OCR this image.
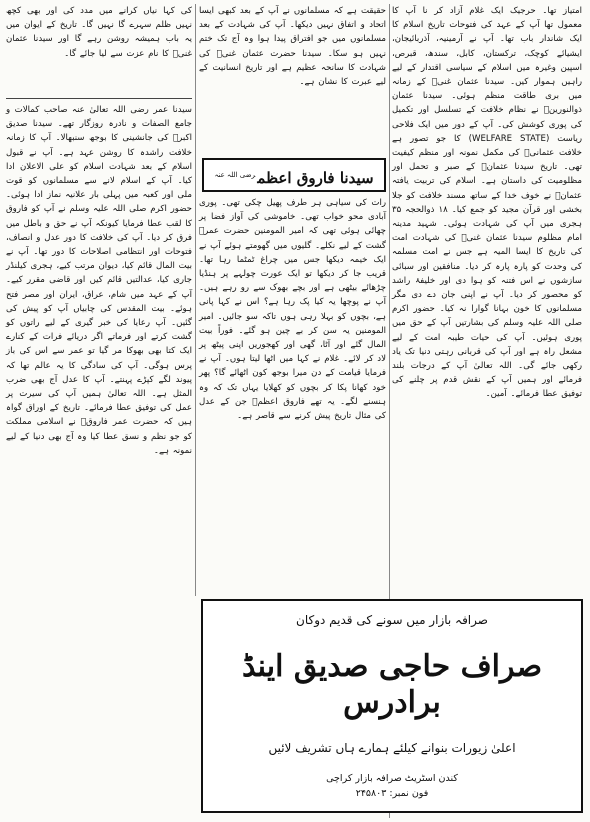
امتیاز تھا۔ حرجیک ایک غلام آزاد کر نا آپ کا معمول تھا آپ کے عہد کی فتوحات تاریخ اسلام کا ایک شاندار باب تھا۔ آپ نے آرمینیہ، آذربائیجان، ایشیائے کوچک، ترکستان، کابل، سندھ، قبرص، اسپین وغیرہ میں اسلام کے سیاسی اقتدار کے لیے راہیں ہموار کیں۔ سیدنا عثمان غنیؓ کے زمانہ میں بری طاقت منظم ہوئی۔ سیدنا عثمان ذوالنورینؓ نے نظام خلافت کے تسلسل اور تکمیل کی پوری کوشش کی۔ آپ کے دور میں ایک فلاحی ریاست (WELFARE STATE) کا جو تصور ہے خلافت عثمانیؓ کی مکمل نمونہ اور منظم کیفیت تھی۔ تاریخ سیدنا عثمانؓ کے صبر و تحمل اور مظلومیت کی داستان ہے۔ اسلام کی تربیت یافتہ عثمانؓ نے خوف خدا کے ساتھ مسند خلافت کو جلا بخشی اور قرآن مجید کو جمع کیا۔ ۱۸ ذوالحجہ ۳۵ ہجری میں آپ کی شہادت ہوئی۔ شہید مدینہ امام مظلوم سیدنا عثمان غنیؓ کی شہادت امت کی تاریخ کا ایسا المیہ ہے جس نے امت مسلمہ کی وحدت کو پارہ پارہ کر دیا۔ منافقین اور سبائی سازشوں نے اس فتنہ کو ہوا دی اور خلیفۂ راشد کو محصور کر دیا۔ آپ نے اپنی جان دے دی مگر مسلمانوں کا خون بہانا گوارا نہ کیا۔ حضور اکرم صلی اللہ علیہ وسلم کی بشارتیں آپ کے حق میں پوری ہوئیں۔ آپ کی حیات طیبہ امت کے لیے مشعل راہ ہے اور آپ کی قربانی رہتی دنیا تک یاد رکھی جائے گی۔ اللہ تعالیٰ آپ کے درجات بلند فرمائے اور ہمیں آپ کے نقش قدم پر چلنے کی توفیق عطا فرمائے۔ آمین۔

حقیقت ہے کہ مسلمانوں نے آپ کے بعد کبھی ایسا اتحاد و اتفاق نہیں دیکھا۔ آپ کی شہادت کے بعد مسلمانوں میں جو افتراق پیدا ہوا وہ آج تک ختم نہیں ہو سکا۔ سیدنا حضرت عثمان غنیؓ کی شہادت کا سانحہ عظیم ہے اور تاریخ انسانیت کے لیے عبرت کا نشان ہے۔

سیدنا فاروق اعظم$^{رضی اللہ عنہ}$

رات کی سیاہی ہر طرف پھیل چکی تھی۔ پوری آبادی محو خواب تھی۔ خاموشی کی آواز فضا پر چھائی ہوئی تھی کہ امیر المومنین حضرت عمرؓ گشت کے لیے نکلے۔ گلیوں میں گھومتے ہوئے آپ نے ایک خیمہ دیکھا جس میں چراغ ٹمٹما رہا تھا۔ قریب جا کر دیکھا تو ایک عورت چولہے پر ہنڈیا چڑھائے بیٹھی ہے اور بچے بھوک سے رو رہے ہیں۔ آپ نے پوچھا یہ کیا پک رہا ہے؟ اس نے کہا پانی ہے، بچوں کو بہلا رہی ہوں تاکہ سو جائیں۔ امیر المومنین یہ سن کر بے چین ہو گئے۔ فوراً بیت المال گئے اور آٹا، گھی اور کھجوریں اپنی پیٹھ پر لاد کر لائے۔ غلام نے کہا میں اٹھا لیتا ہوں۔ آپ نے فرمایا قیامت کے دن میرا بوجھ کون اٹھائے گا؟ پھر خود کھانا پکا کر بچوں کو کھلایا یہاں تک کہ وہ ہنسنے لگے۔ یہ تھے فاروق اعظمؓ جن کے عدل کی مثال تاریخ پیش کرنے سے قاصر ہے۔

کی کہا نیاں کرانے میں مدد کی اور بھی کچھ نہیں ظلم سہرے گا نہیں گا۔ تاریخ کے ایوان میں یہ باب ہمیشہ روشن رہے گا اور سیدنا عثمان غنیؓ کا نام عزت سے لیا جائے گا۔

سیدنا عمر رضی اللہ تعالیٰ عنہ صاحب کمالات و جامع الصفات و نادرہ روزگار تھے۔ سیدنا صدیق اکبرؓ کی جانشینی کا بوجھ سنبھالا۔ آپ کا زمانہ خلافت راشدہ کا روشن عہد ہے۔ آپ نے قبول اسلام کے بعد شہادت اسلام کو علی الاعلان ادا کیا۔ آپ کے اسلام لانے سے مسلمانوں کو قوت ملی اور کعبہ میں پہلی بار علانیہ نماز ادا ہوئی۔ حضور اکرم صلی اللہ علیہ وسلم نے آپ کو فاروق کا لقب عطا فرمایا کیونکہ آپ نے حق و باطل میں فرق کر دیا۔ آپ کی خلافت کا دور عدل و انصاف، فتوحات اور انتظامی اصلاحات کا دور تھا۔ آپ نے بیت المال قائم کیا، دیوان مرتب کیے، ہجری کیلنڈر جاری کیا، عدالتیں قائم کیں اور قاضی مقرر کیے۔ آپ کے عہد میں شام، عراق، ایران اور مصر فتح ہوئے۔ بیت المقدس کی چابیاں آپ کو پیش کی گئیں۔ آپ رعایا کی خبر گیری کے لیے راتوں کو گشت کرتے اور فرماتے اگر دریائے فرات کے کنارے ایک کتا بھی بھوکا مر گیا تو عمر سے اس کی باز پرس ہوگی۔ آپ کی سادگی کا یہ عالم تھا کہ پیوند لگے کپڑے پہنتے۔ آپ کا عدل آج بھی ضرب المثل ہے۔ اللہ تعالیٰ ہمیں آپ کی سیرت پر عمل کی توفیق عطا فرمائے۔ تاریخ کے اوراق گواہ ہیں کہ حضرت عمر فاروقؓ نے اسلامی مملکت کو جو نظم و نسق عطا کیا وہ آج بھی دنیا کے لیے نمونہ ہے۔

صرافہ بازار میں سونے کی قدیم دوکان
صراف حاجی صدیق اینڈ برادرس
اعلیٰ زیورات بنوانے کیلئے ہمارے ہاں تشریف لائیں
کندن اسٹریٹ صرافہ بازار کراچی
فون نمبر: ۲۴۵۸۰۳
